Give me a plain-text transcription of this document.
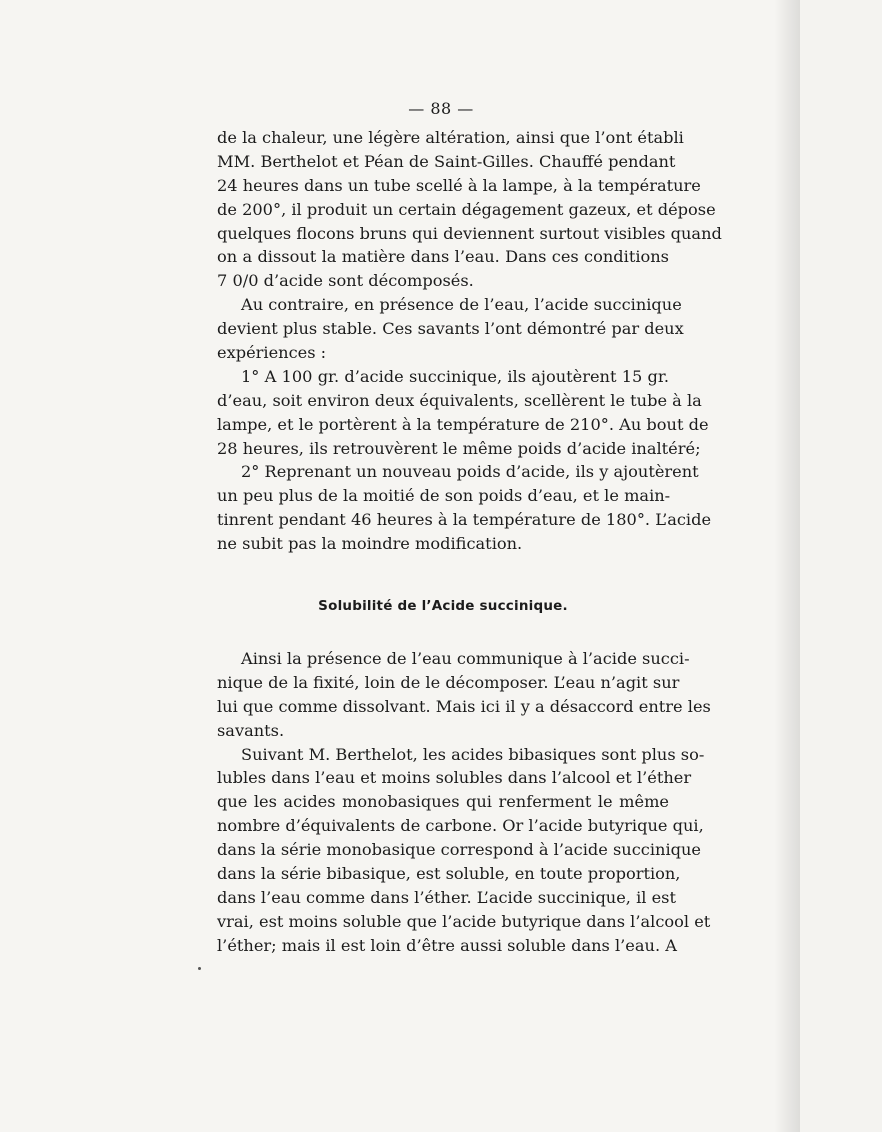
— 88 —
de la chaleur, une légère altération, ainsi que l’ont établi
MM. Berthelot et Péan de Saint-Gilles. Chauffé pendant
24 heures dans un tube scellé à la lampe, à la température
de 200°, il produit un certain dégagement gazeux, et dépose
quelques flocons bruns qui deviennent surtout visibles quand
on a dissout la matière dans l’eau. Dans ces conditions
7 0/0 d’acide sont décomposés.
Au contraire, en présence de l’eau, l’acide succinique
devient plus stable. Ces savants l’ont démontré par deux
expériences :
1° A 100 gr. d’acide succinique, ils ajoutèrent 15 gr.
d’eau, soit environ deux équivalents, scellèrent le tube à la
lampe, et le portèrent à la température de 210°. Au bout de
28 heures, ils retrouvèrent le même poids d’acide inaltéré;
2° Reprenant un nouveau poids d’acide, ils y ajoutèrent
un peu plus de la moitié de son poids d’eau, et le main-
tinrent pendant 46 heures à la température de 180°. L’acide
ne subit pas la moindre modification.
Solubilité de l’Acide succinique.
Ainsi la présence de l’eau communique à l’acide succi-
nique de la fixité, loin de le décomposer. L’eau n’agit sur
lui que comme dissolvant. Mais ici il y a désaccord entre les
savants.
Suivant M. Berthelot, les acides bibasiques sont plus so-
lubles dans l’eau et moins solubles dans l’alcool et l’éther
que les acides monobasiques qui renferment le même
nombre d’équivalents de carbone. Or l’acide butyrique qui,
dans la série monobasique correspond à l’acide succinique
dans la série bibasique, est soluble, en toute proportion,
dans l’eau comme dans l’éther. L’acide succinique, il est
vrai, est moins soluble que l’acide butyrique dans l’alcool et
l’éther; mais il est loin d’être aussi soluble dans l’eau. A
